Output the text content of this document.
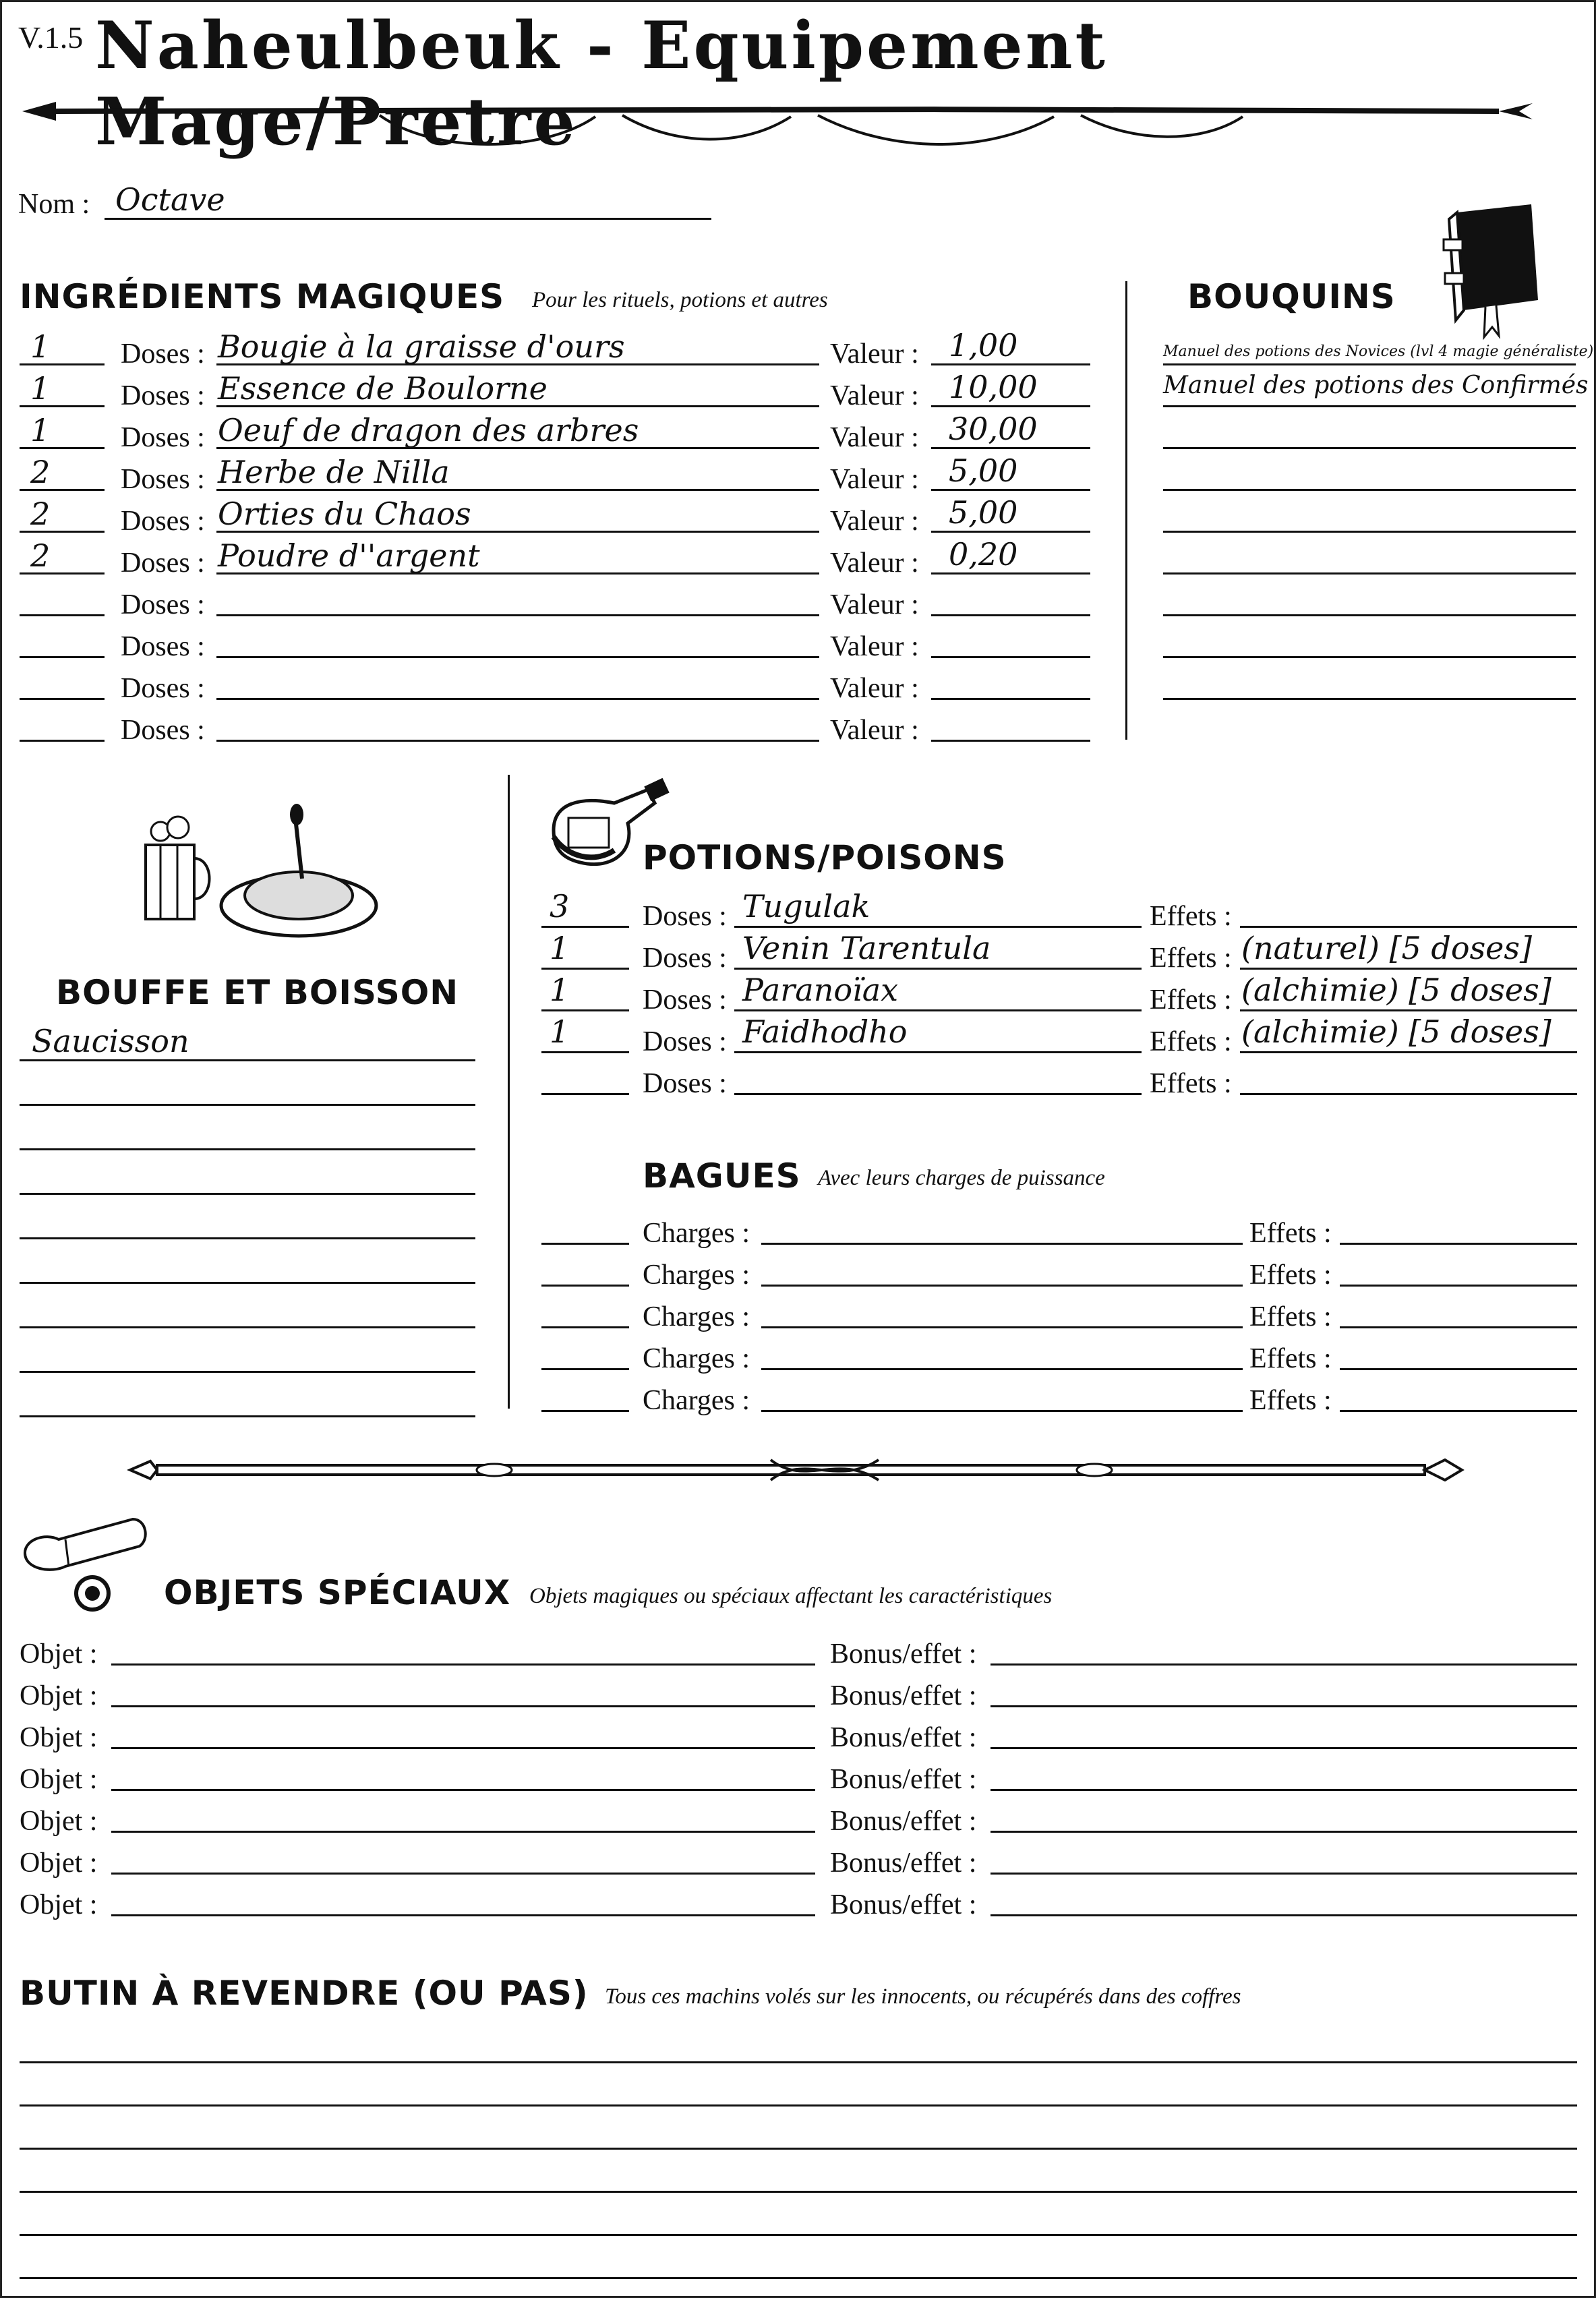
V.1.5 Naheulbeuk - Equipement Mage/Pretre
Nom : Octave
INGRÉDIENTS MAGIQUES Pour les rituels, potions et autres
1 Doses : Bougie à la graisse d'ours	Valeur : 1,00
1 Doses : Essence de Boulorne	Valeur : 10,00
1 Doses : Oeuf de dragon des arbres	Valeur : 30,00
2 Doses : Herbe de Nilla	Valeur : 5,00
2 Doses : Orties du Chaos	Valeur : 5,00
2 Doses : Poudre d''argent	Valeur : 0,20
Doses :	Valeur :
Doses :	Valeur :
Doses :	Valeur :
Doses :	Valeur :
BOUQUINS
Manuel des potions des Novices (lvl 4 magie généraliste)
Manuel des potions des Confirmés
BOUFFE ET BOISSON
Saucisson
POTIONS/POISONS
3	Doses : Tugulak	Effets :
1	Doses : Venin Tarentula	Effets : (naturel) [5 doses]
1	Doses : Paranoïax	Effets : (alchimie) [5 doses]
1	Doses : Faidhodho	Effets : (alchimie) [5 doses]
Doses :	Effets :
BAGUES Avec leurs charges de puissance
Charges :	Effets :
Charges :	Effets :
Charges :	Effets :
Charges :	Effets :
Charges :	Effets :
OBJETS SPÉCIAUX Objets magiques ou spéciaux affectant les caractéristiques
Objet :	Bonus/effet :
Objet :	Bonus/effet :
Objet :	Bonus/effet :
Objet :	Bonus/effet :
Objet :	Bonus/effet :
Objet :	Bonus/effet :
Objet :	Bonus/effet :
BUTIN À REVENDRE (OU PAS) Tous ces machins volés sur les innocents, ou récupérés dans des coffres
